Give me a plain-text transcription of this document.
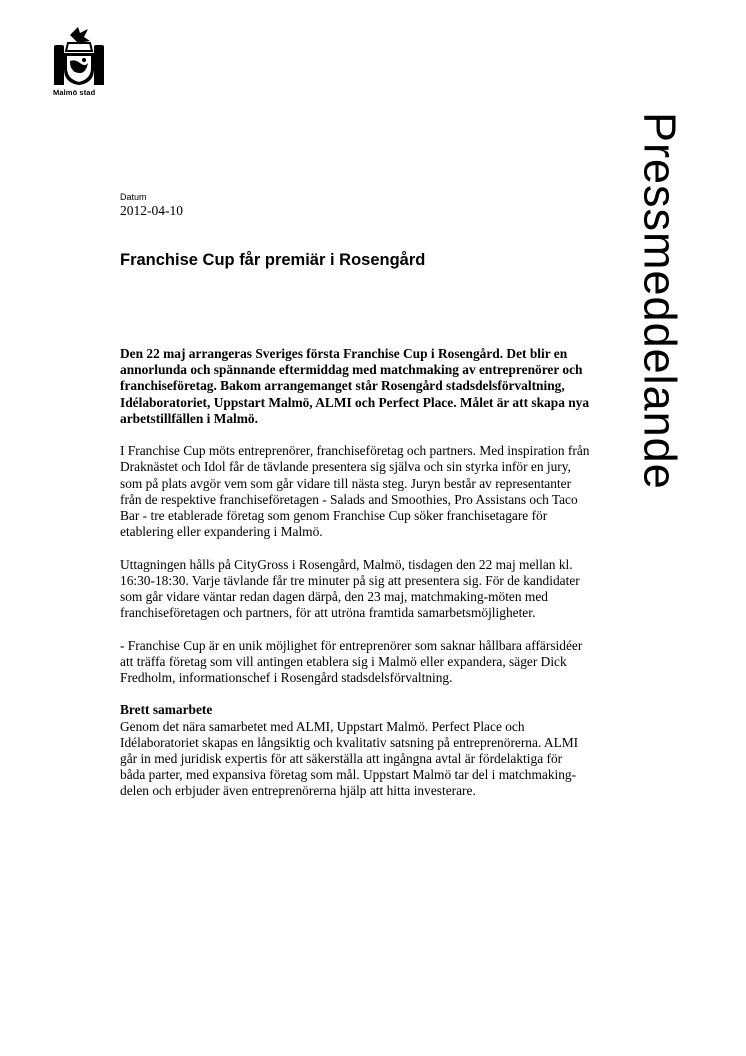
Malmö stad
Pressmeddelande
Datum
2012-04-10
Franchise Cup får premiär i Rosengård

Den 22 maj arrangeras Sveriges första Franchise Cup i Rosengård. Det blir en annorlunda och spännande eftermiddag med matchmaking av entreprenörer och franchiseföretag. Bakom arrangemanget står Rosengård stadsdelsförvaltning, Idélaboratoriet, Uppstart Malmö, ALMI och Perfect Place. Målet är att skapa nya arbetstillfällen i Malmö.

I Franchise Cup möts entreprenörer, franchiseföretag och partners. Med inspiration från Draknästet och Idol får de tävlande presentera sig själva och sin styrka inför en jury, som på plats avgör vem som går vidare till nästa steg. Juryn består av representanter från de respektive franchiseföretagen - Salads and Smoothies, Pro Assistans och Taco Bar - tre etablerade företag som genom Franchise Cup söker franchisetagare för etablering eller expandering i Malmö.

Uttagningen hålls på CityGross i Rosengård, Malmö, tisdagen den 22 maj mellan kl. 16:30-18:30. Varje tävlande får tre minuter på sig att presentera sig. För de kandidater som går vidare väntar redan dagen därpå, den 23 maj, matchmaking-möten med franchiseföretagen och partners, för att utröna framtida samarbetsmöjligheter.

- Franchise Cup är en unik möjlighet för entreprenörer som saknar hållbara affärsidéer att träffa företag som vill antingen etablera sig i Malmö eller expandera, säger Dick Fredholm, informationschef i Rosengård stadsdelsförvaltning.

Brett samarbete

Genom det nära samarbetet med ALMI, Uppstart Malmö. Perfect Place och Idélaboratoriet skapas en långsiktig och kvalitativ satsning på entreprenörerna. ALMI går in med juridisk expertis för att säkerställa att ingångna avtal är fördelaktiga för båda parter, med expansiva företag som mål. Uppstart Malmö tar del i matchmaking-delen och erbjuder även entreprenörerna hjälp att hitta investerare.
